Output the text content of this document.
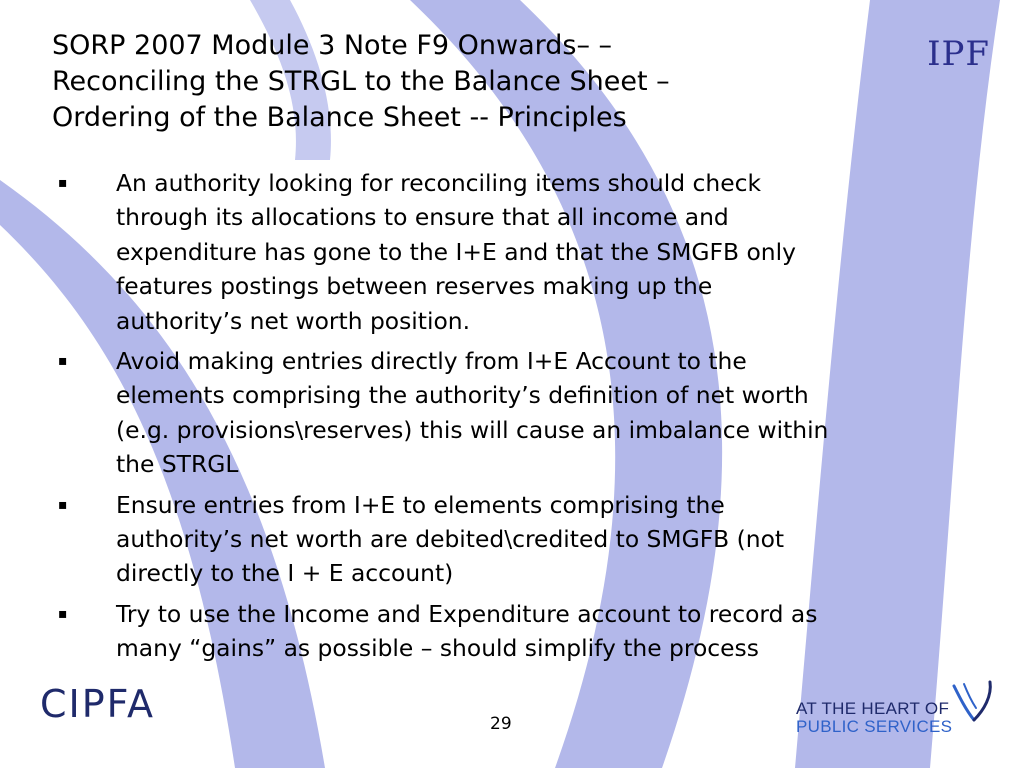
SORP 2007 Module 3 Note F9 Onwards– –
Reconciling the STRGL to the Balance Sheet –
Ordering of the Balance Sheet -- Principles
IPF
▪ An authority looking for reconciling items should check
through its allocations to ensure that all income and
expenditure has gone to the I+E and that the SMGFB only
features postings between reserves making up the
authority’s net worth position.
▪ Avoid making entries directly from I+E Account to the
elements comprising the authority’s definition of net worth
(e.g. provisions\reserves) this will cause an imbalance within
the STRGL
▪ Ensure entries from I+E to elements comprising the
authority’s net worth are debited\credited to SMGFB (not
directly to the I + E account)
▪ Try to use the Income and Expenditure account to record as
many “gains” as possible – should simplify the process
CIPFA	29
AT THE HEART OF
PUBLIC SERVICES
